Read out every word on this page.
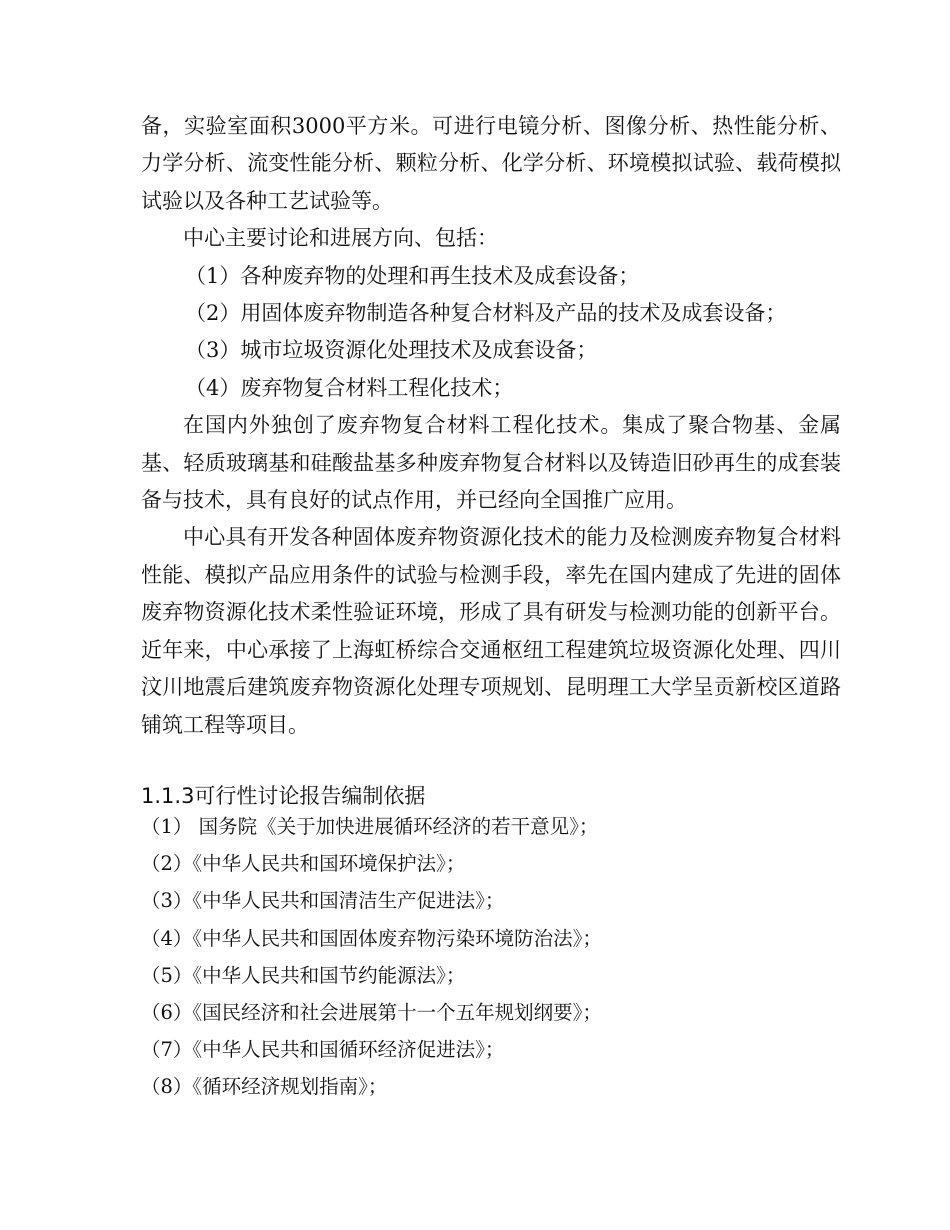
备，实验室面积3000平方米。可进行电镜分析、图像分析、热性能分析、力学分析、流变性能分析、颗粒分析、化学分析、环境模拟试验、载荷模拟试验以及各种工艺试验等。

中心主要讨论和进展方向、包括：

（1）各种废弃物的处理和再生技术及成套设备；

（2）用固体废弃物制造各种复合材料及产品的技术及成套设备；

（3）城市垃圾资源化处理技术及成套设备；

（4）废弃物复合材料工程化技术；

在国内外独创了废弃物复合材料工程化技术。集成了聚合物基、金属基、轻质玻璃基和硅酸盐基多种废弃物复合材料以及铸造旧砂再生的成套装备与技术，具有良好的试点作用，并已经向全国推广应用。

中心具有开发各种固体废弃物资源化技术的能力及检测废弃物复合材料性能、模拟产品应用条件的试验与检测手段，率先在国内建成了先进的固体废弃物资源化技术柔性验证环境，形成了具有研发与检测功能的创新平台。近年来，中心承接了上海虹桥综合交通枢纽工程建筑垃圾资源化处理、四川汶川地震后建筑废弃物资源化处理专项规划、昆明理工大学呈贡新校区道路铺筑工程等项目。

1.1.3可行性讨论报告编制依据
（1） 国务院《关于加快进展循环经济的若干意见》；
（2）《中华人民共和国环境保护法》；
（3）《中华人民共和国清洁生产促进法》；
（4）《中华人民共和国固体废弃物污染环境防治法》；
（5）《中华人民共和国节约能源法》；
（6）《国民经济和社会进展第十一个五年规划纲要》；
（7）《中华人民共和国循环经济促进法》；
（8）《循环经济规划指南》；
